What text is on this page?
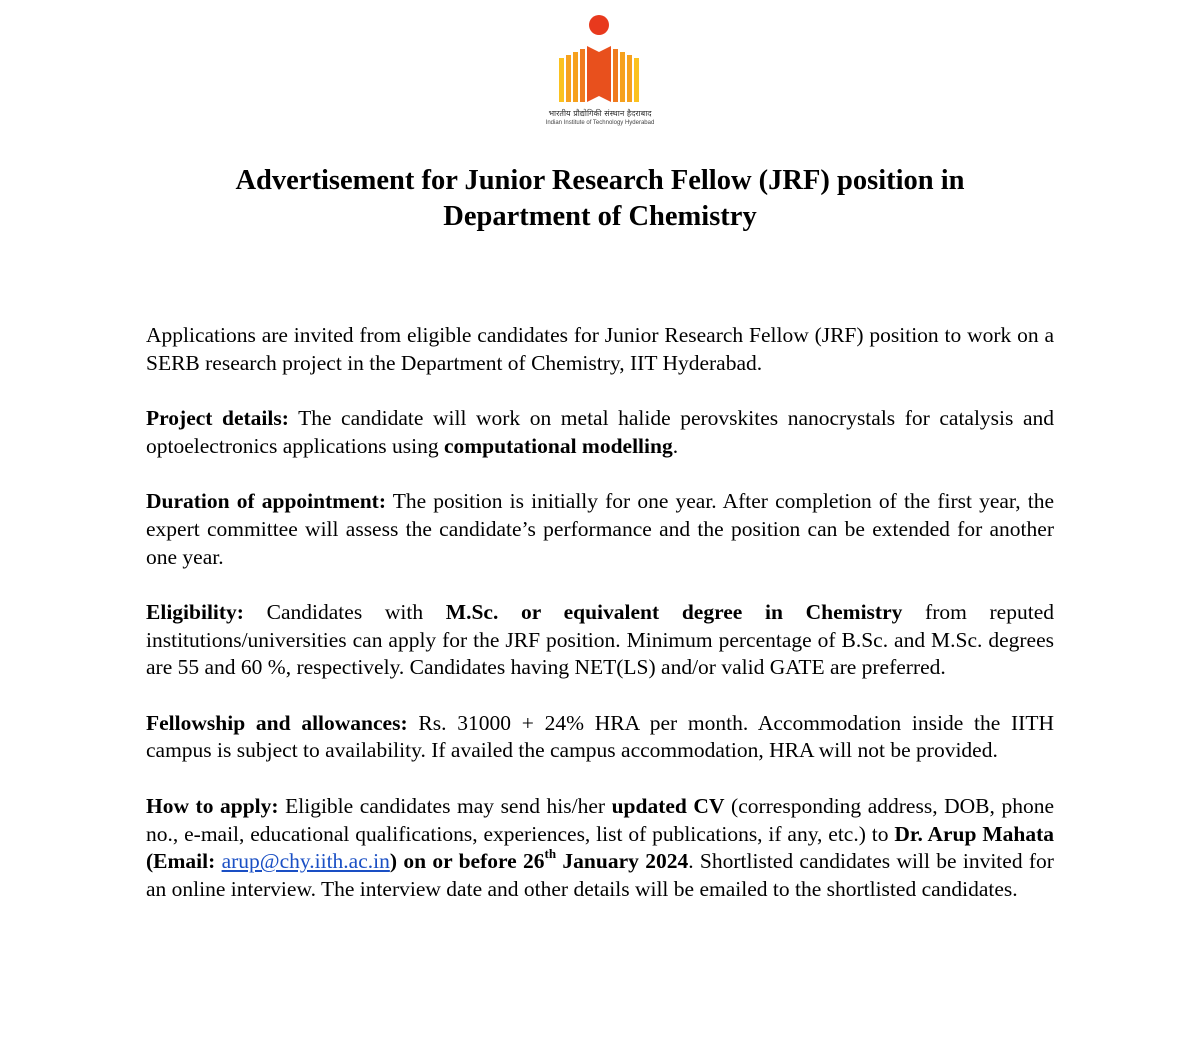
भारतीय प्रौद्योगिकी संस्थान हैदराबाद
Indian Institute of Technology Hyderabad
Advertisement for Junior Research Fellow (JRF) position in
Department of Chemistry

Applications are invited from eligible candidates for Junior Research Fellow (JRF) position to work on a SERB research project in the Department of Chemistry, IIT Hyderabad.

Project details: The candidate will work on metal halide perovskites nanocrystals for catalysis and optoelectronics applications using computational modelling.

Duration of appointment: The position is initially for one year. After completion of the first year, the expert committee will assess the candidate’s performance and the position can be extended for another one year.

Eligibility: Candidates with M.Sc. or equivalent degree in Chemistry from reputed institutions/universities can apply for the JRF position. Minimum percentage of B.Sc. and M.Sc. degrees are 55 and 60 %, respectively. Candidates having NET(LS) and/or valid GATE are preferred.

Fellowship and allowances: Rs. 31000 + 24% HRA per month. Accommodation inside the IITH campus is subject to availability. If availed the campus accommodation, HRA will not be provided.

How to apply: Eligible candidates may send his/her updated CV (corresponding address, DOB, phone no., e-mail, educational qualifications, experiences, list of publications, if any, etc.) to Dr. Arup Mahata (Email: arup@chy.iith.ac.in) on or before 26th January 2024. Shortlisted candidates will be invited for an online interview. The interview date and other details will be emailed to the shortlisted candidates.
